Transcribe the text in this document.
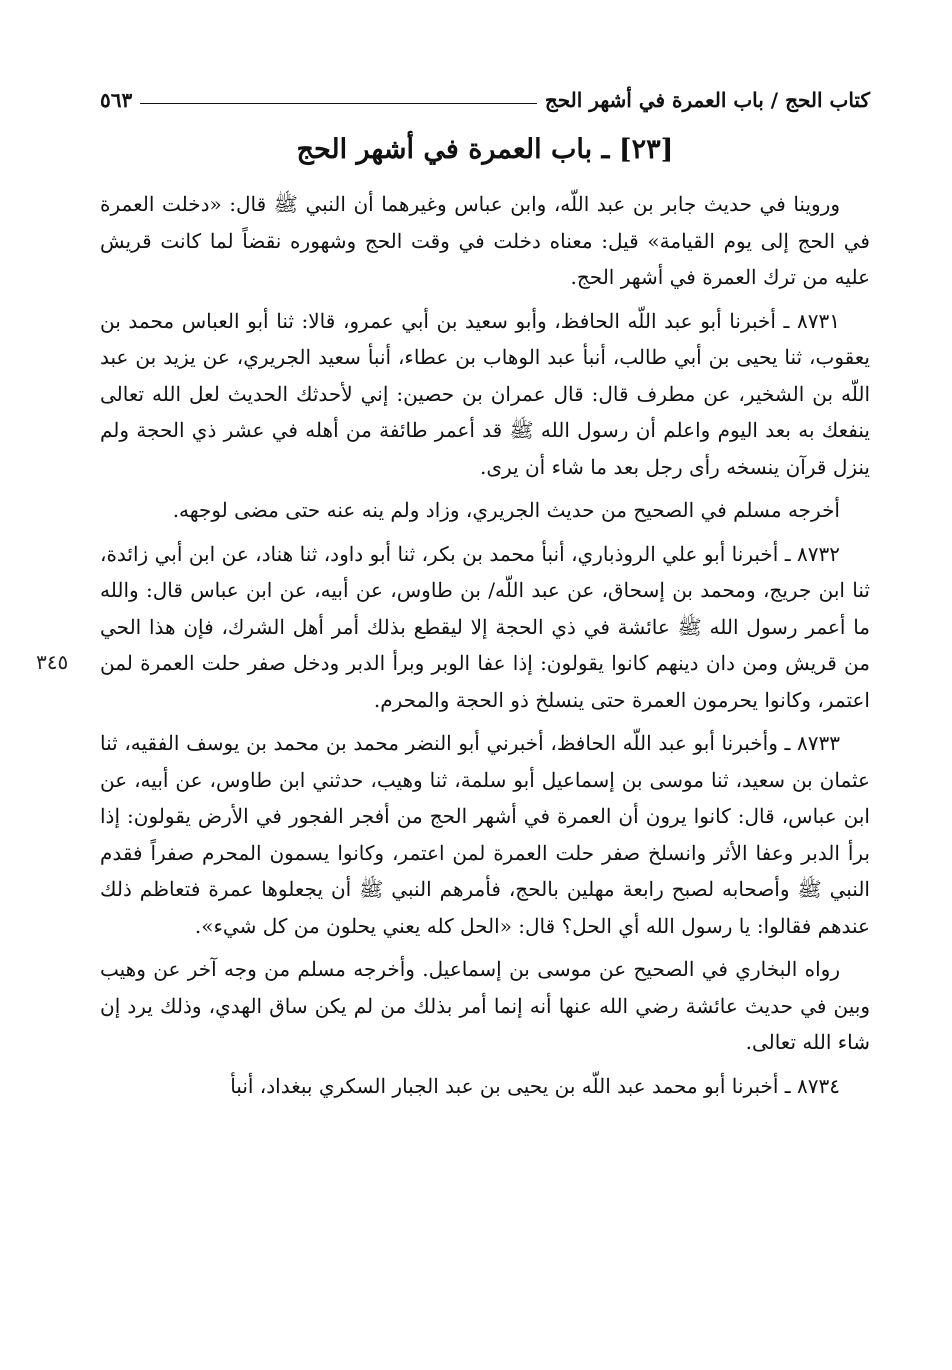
كتاب الحج / باب العمرة في أشهر الحج
٥٦٣
[٢٣] ـ باب العمرة في أشهر الحج
٣٤٥

وروينا في حديث جابر بن عبد اللّه، وابن عباس وغيرهما أن النبي ﷺ قال: «دخلت العمرة في الحج إلى يوم القيامة» قيل: معناه دخلت في وقت الحج وشهوره نقضاً لما كانت قريش عليه من ترك العمرة في أشهر الحج.

٨٧٣١ ـ أخبرنا أبو عبد اللّه الحافظ، وأبو سعيد بن أبي عمرو، قالا: ثنا أبو العباس محمد بن يعقوب، ثنا يحيى بن أبي طالب، أنبأ عبد الوهاب بن عطاء، أنبأ سعيد الجريري، عن يزيد بن عبد اللّه بن الشخير، عن مطرف قال: قال عمران بن حصين: إني لأحدثك الحديث لعل الله تعالى ينفعك به بعد اليوم واعلم أن رسول الله ﷺ قد أعمر طائفة من أهله في عشر ذي الحجة ولم ينزل قرآن ينسخه رأى رجل بعد ما شاء أن يرى.

أخرجه مسلم في الصحيح من حديث الجريري، وزاد ولم ينه عنه حتى مضى لوجهه.

٨٧٣٢ ـ أخبرنا أبو علي الروذباري، أنبأ محمد بن بكر، ثنا أبو داود، ثنا هناد، عن ابن أبي زائدة، ثنا ابن جريج، ومحمد بن إسحاق، عن عبد اللّه/ بن طاوس، عن أبيه، عن ابن عباس قال: والله ما أعمر رسول الله ﷺ عائشة في ذي الحجة إلا ليقطع بذلك أمر أهل الشرك، فإن هذا الحي من قريش ومن دان دينهم كانوا يقولون: إذا عفا الوبر وبرأ الدبر ودخل صفر حلت العمرة لمن اعتمر، وكانوا يحرمون العمرة حتى ينسلخ ذو الحجة والمحرم.

٨٧٣٣ ـ وأخبرنا أبو عبد اللّه الحافظ، أخبرني أبو النضر محمد بن محمد بن يوسف الفقيه، ثنا عثمان بن سعيد، ثنا موسى بن إسماعيل أبو سلمة، ثنا وهيب، حدثني ابن طاوس، عن أبيه، عن ابن عباس، قال: كانوا يرون أن العمرة في أشهر الحج من أفجر الفجور في الأرض يقولون: إذا برأ الدبر وعفا الأثر وانسلخ صفر حلت العمرة لمن اعتمر، وكانوا يسمون المحرم صفراً فقدم النبي ﷺ وأصحابه لصبح رابعة مهلين بالحج، فأمرهم النبي ﷺ أن يجعلوها عمرة فتعاظم ذلك عندهم فقالوا: يا رسول الله أي الحل؟ قال: «الحل كله يعني يحلون من كل شيء».

رواه البخاري في الصحيح عن موسى بن إسماعيل. وأخرجه مسلم من وجه آخر عن وهيب وبين في حديث عائشة رضي الله عنها أنه إنما أمر بذلك من لم يكن ساق الهدي، وذلك يرد إن شاء الله تعالى.

٨٧٣٤ ـ أخبرنا أبو محمد عبد اللّه بن يحيى بن عبد الجبار السكري ببغداد، أنبأ
